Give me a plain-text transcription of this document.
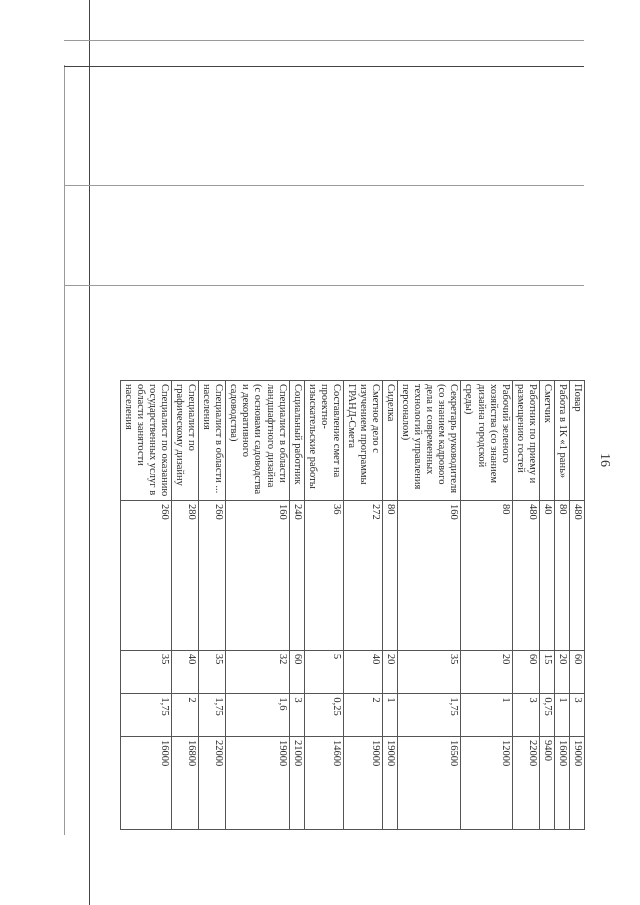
16
Повар	480	60	3	19000
Работа в 1К «1 рань»	80	20	1	16000
Сметчик	40	15	0,75	9400
Работник по приему и размещению гостей	480	60	3	22000
Рабочий зеленого хозяйства (со знанием дизайна городской среды)	80	20	1	12000
Секретарь руководителя (со знанием кадрового дела и современных технологий управления персоналом)	160	35	1,75	16500
Сиделка	80	20	1	19000
Сметное дело с изучением программы ГРАНД-Смета	272	40	2	19000
Составление смет на проектно-изыскательские работы	36	5	0,25	14600
Социальный работник	240	60	3	21000
Специалист в области ландшафтного дизайна (с основами садоводства и декоративного садоводства)	160	32	1,6	19000
Специалист в области ... населения	260	35	1,75	22000
Специалист по графическому дизайну	280	40	2	16800
Специалист по оказанию государственных услуг в области занятости населения	260	35	1,75	16000
